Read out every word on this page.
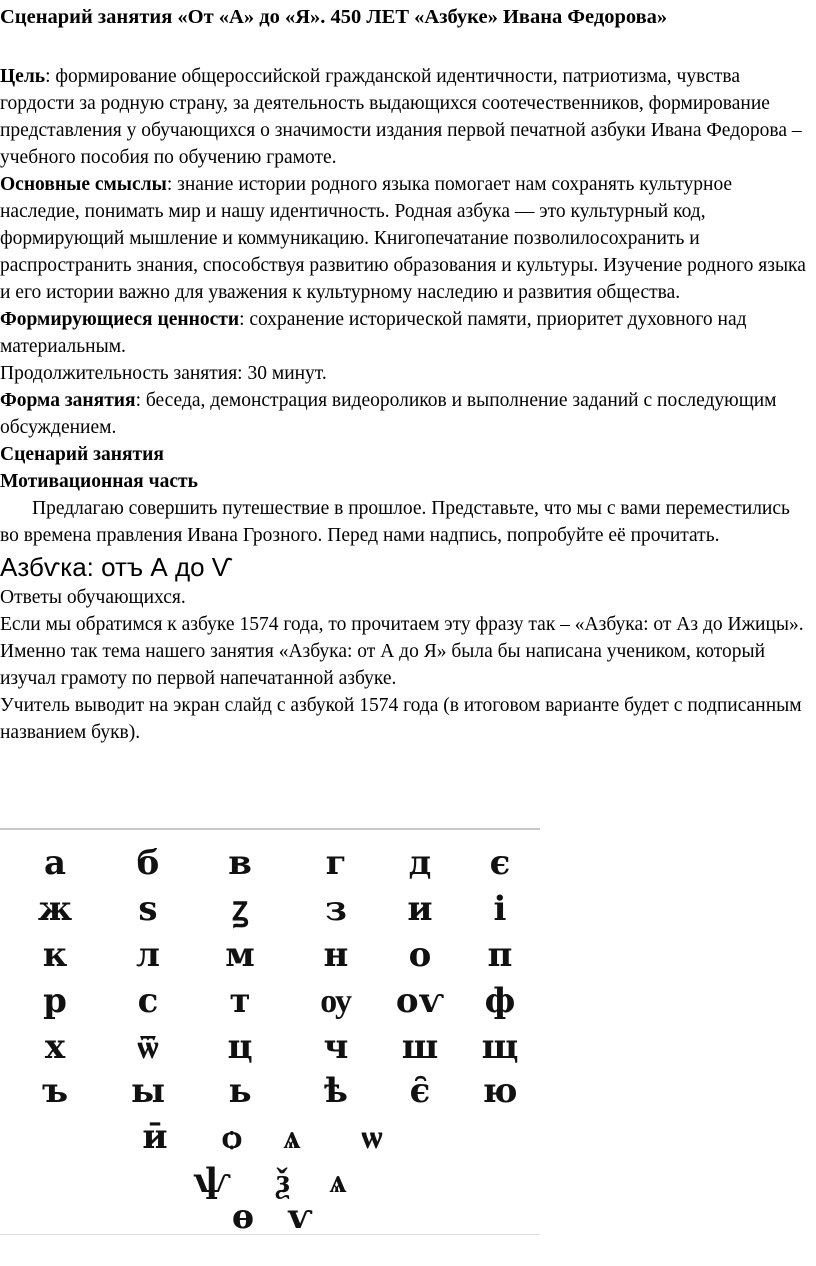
Сценарий занятия «От «А» до «Я». 450 ЛЕТ «Азбуке» Ивана Федорова»

Цель: формирование общероссийской гражданской идентичности, патриотизма, чувства гордости за родную страну, за деятельность выдающихся соотечественников, формирование представления у обучающихся о значимости издания первой печатной азбуки Ивана Федорова – учебного пособия по обучению грамоте.

Основные смыслы: знание истории родного языка помогает нам сохранять культурное наследие, понимать мир и нашу идентичность. Родная азбука — это культурный код, формирующий мышление и коммуникацию. Книгопечатание позволилосохранить и распространить знания, способствуя развитию образования и культуры. Изучение родного языка и его истории важно для уважения к культурному наследию и развития общества.

Формирующиеся ценности: сохранение исторической памяти, приоритет духовного над материальным.

Продолжительность занятия: 30 минут.

Форма занятия: беседа, демонстрация видеороликов и выполнение заданий с последующим обсуждением.

Сценарий занятия

Мотивационная часть

Предлагаю совершить путешествие в прошлое. Представьте, что мы с вами переместились во времена правления Ивана Грозного. Перед нами надпись, попробуйте её прочитать.

Азбѵка: отъ А до Ѵ

Ответы обучающихся.

Если мы обратимся к азбуке 1574 года, то прочитаем эту фразу так – «Азбука: от Аз до Ижицы».

Именно так тема нашего занятия «Азбука: от А до Я» была бы написана учеником, который изучал грамоту по первой напечатанной азбуке.

Учитель выводит на экран слайд с азбукой 1574 года (в итоговом варианте будет с подписанным названием букв).

а б в г д є
ж ѕ ꙁ з и і
к л м н о п
р с т ѹ оѵ ф
х ѿ ц ч ш щ
ъ ы ь ѣ є̑ ю
ӣ ѻ ѧ ѡ
ѱ ѯ ѧ
ѳ ѵ
